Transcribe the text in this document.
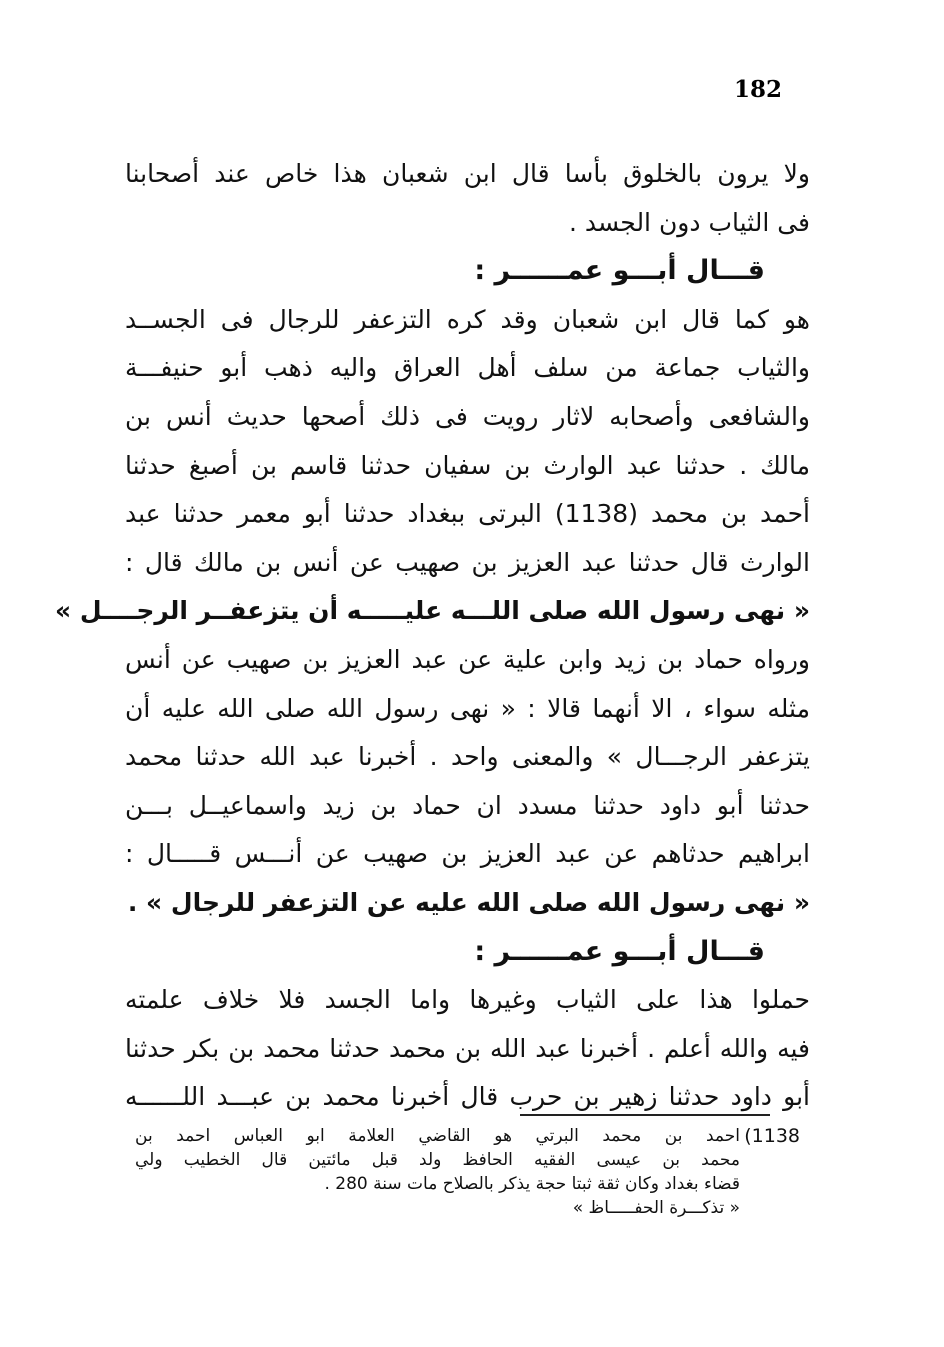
182
ولا يرون بالخلوق بأسا قال ابن شعبان هذا خاص عند أصحابنا
فى الثياب دون الجسد .
قـــال أبـــو عمــــــر :
هو كما قال ابن شعبان وقد كره التزعفر للرجال فى الجســد
والثياب جماعة من سلف أهل العراق واليه ذهب أبو حنيفـــة
والشافعى وأصحابه لاثار رويت فى ذلك أصحها حديث أنس بن
مالك . حدثنا عبد الوارث بن سفيان حدثنا قاسم بن أصبغ حدثنا
أحمد بن محمد (1138) البرتى ببغداد حدثنا أبو معمر حدثنا عبد
الوارث قال حدثنا عبد العزيز بن صهيب عن أنس بن مالك قال :
« نهى رسول الله صلى اللـــه عليـــــه أن يتزعفــر الرجــــل »
ورواه حماد بن زيد وابن علية عن عبد العزيز بن صهيب عن أنس
مثله سواء ، الا أنهما قالا : « نهى رسول الله صلى الله عليه أن
يتزعفر الرجـــال » والمعنى واحد . أخبرنا عبد الله حدثنا محمد
حدثنا أبو داود حدثنا مسدد ان حماد بن زيد واسماعيــل بـــن
ابراهيم حدثاهم عن عبد العزيز بن صهيب عن أنـــس قـــــال :
« نهى رسول الله صلى الله عليه عن التزعفر للرجال » .
قـــال أبـــو عمــــــر :
حملوا هذا على الثياب وغيرها واما الجسد فلا خلاف علمته
فيه والله أعلم . أخبرنا عبد الله بن محمد حدثنا محمد بن بكر حدثنا
أبو داود حدثنا زهير بن حرب قال أخبرنا محمد بن عبـــد اللــــــه
1138)
احمد بن محمد البرتي هو القاضي العلامة ابو العباس احمد بن
محمد بن عيسى الفقيه الحافظ ولد قبل مائتين قال الخطيب ولي
قضاء بغداد وكان ثقة ثبتا حجة يذكر بالصلاح مات سنة 280 .
« تذكـــرة الحفـــــاظ »
